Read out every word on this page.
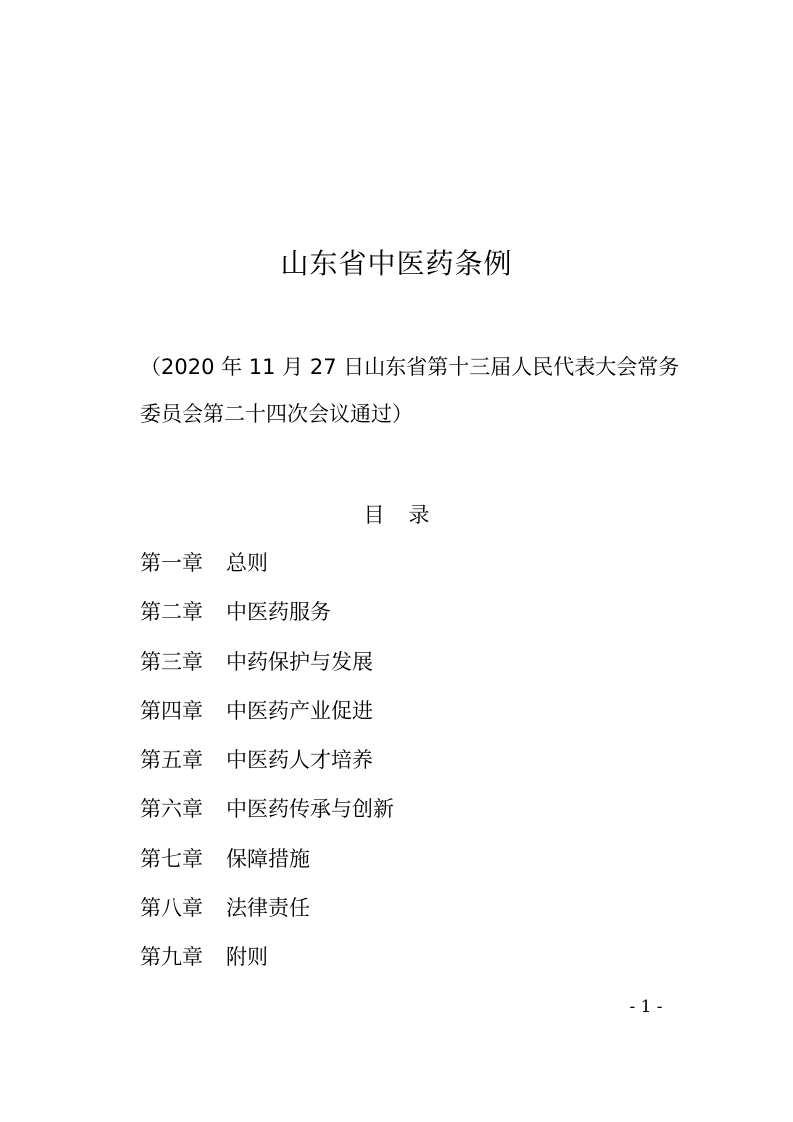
山东省中医药条例
（2020 年 11 月 27 日山东省第十三届人民代表大会常务
委员会第二十四次会议通过）
目 录
第一章 总则
第二章 中医药服务
第三章 中药保护与发展
第四章 中医药产业促进
第五章 中医药人才培养
第六章 中医药传承与创新
第七章 保障措施
第八章 法律责任
第九章 附则
- 1 -
